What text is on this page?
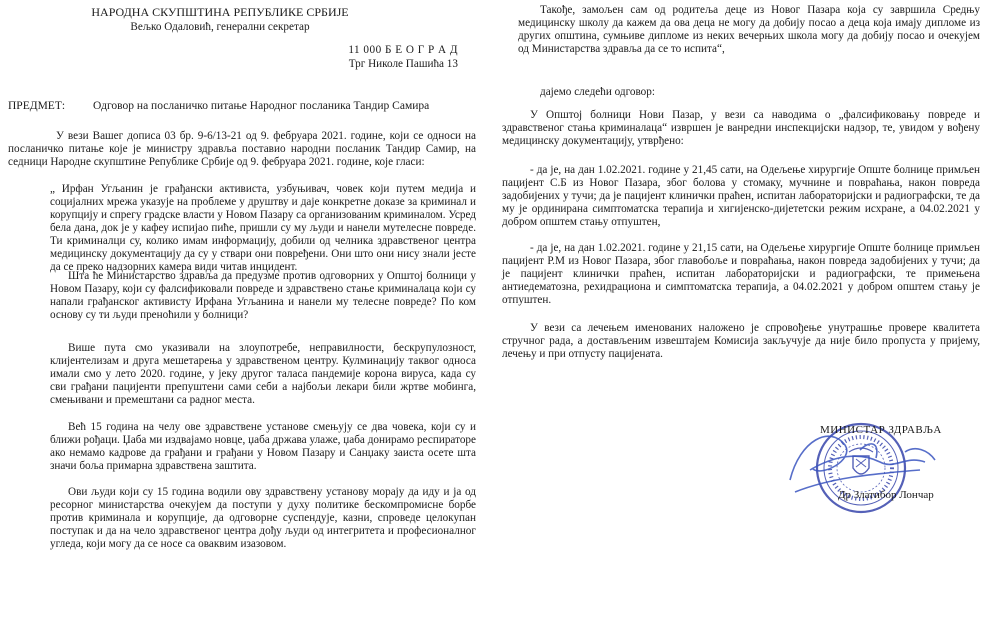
НАРОДНА СКУПШТИНА РЕПУБЛИКЕ СРБИЈЕ

Вељко Одаловић, генерални секретар

11 000 Б Е О Г Р А Д

Трг Николе Пашића 13

ПРЕДМЕТ: Одговор на посланичко питање Народног посланика Тандир Самира

У вези Вашег дописа 03 бр. 9-6/13-21 од 9. фебруара 2021. године, који се односи на посланичко питање које је министру здравља поставио народни посланик Тандир Самир, на седници Народне скупштине Републике Србије од 9. фебруара 2021. године, које гласи:

„ Ирфан Угљанин је грађански активиста, узбуњивач, човек који путем медија и социјалних мрежа указује на проблеме у друштву и даје конкретне доказе за криминал и корупцију и спрегу градске власти у Новом Пазару са организованим криминалом. Усред бела дана, док је у кафеу испијао пиће, пришли су му људи и нанели мутелесне повреде. Ти криминалци су, колико имам информацију, добили од челника здравственог центра медицинску документацију да су у ствари они повређени. Они што они нису знали јесте да се преко надзорних камера види читав инцидент.

Шта ће Министарство здравља да предузме против одговорних у Општој болници у Новом Пазару, који су фалсификовали повреде и здравствено стање криминалаца који су напали грађанског активисту Ирфана Угљанина и нанели му телесне повреде? По ком основу су ти људи пренoћили у болници?

Више пута смо указивали на злоупотребе, неправилности, бескрупулозност, клијентелизам и друга мешетарења у здравственом центру. Кулминацију таквог односа имали смо у лето 2020. године, у јеку другог таласа пандемије корона вируса, када су сви грађани пацијенти препуштени сами себи а најбољи лекари били жртве мобинга, смењивани и премештани са радног места.

Већ 15 година на челу ове здравствене установе смењују се два човека, који су и ближи рођаци. Џаба ми издвајамо новце, џаба држава улаже, џаба донирамо респираторе ако немамо кадрове да грађани и грађани у Новом Пазару и Санџаку заиста осете шта значи боља примарна здравствена заштита.

Ови људи који су 15 година водили ову здравствену установу морају да иду и ја од ресорног министарства очекујем да поступи у духу политике бескомпромисне борбе против криминала и корупције, да одговорне суспендује, казни, спроведе целокупан поступак и да на чело здравственог центра дођу људи од интегритета и професионалног угледа, који могу да се носе са оваквим изазовом.

Такође, замољен сам од родитеља деце из Новог Пазара која су завршила Средњу медицинску школу да кажем да ова деца не могу да добију посао а деца која имају дипломе из других општина, сумњиве дипломе из неких вечерњих школа могу да добију посао и очекујем од Министарства здравља да се то испита“,

дајемо следећи одговор:

У Општој болници Нови Пазар, у вези са наводима о „фалсификовању повреде и здравственог стања криминалаца“ извршен је ванредни инспекцијски надзор, те, увидом у вођену медицинску документацију, утврђено:

- да је, на дан 1.02.2021. године у 21,45 сати, на Одељење хирургије Опште болнице примљен пацијент С.Б из Новог Пазара, због болова у стомаку, мучнине и повраћања, након повреда задобијених у тучи; да је пацијент клинички праћен, испитан лабораторијски и радиографски, те да му је ординирана симптоматска терапија и хигијенско-дијететски режим исхране, а 04.02.2021 у добром општем стању отпуштен,

- да је, на дан 1.02.2021. године у 21,15 сати, на Одељење хирургије Опште болнице примљен пацијент Р.М из Новог Пазара, због главобоље и повраћања, након повреда задобијених у тучи; да је пацијент клинички праћен, испитан лабораторијски и радиографски, те примењена антиедематозна, рехидрациона и симптоматска терапија, а 04.02.2021 у добром општем стању је отпуштен.

У вези са лечењем именованих наложено је спровођење унутрашње провере квалитета стручног рада, а достављеним извештајем Комисија закључује да није било пропуста у пријему, лечењу и при отпусту пацијената.

МИНИСТАР ЗДРАВЉА

Др Златибор Лончар
